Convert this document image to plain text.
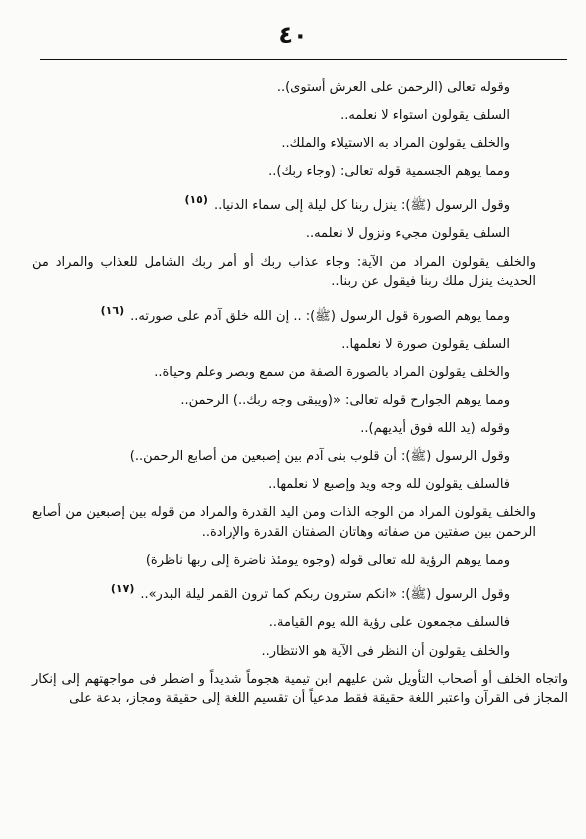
٤٠

وقوله تعالى (الرحمن على العرش أستوى)..

السلف يقولون استواء لا نعلمه..

والخلف يقولون المراد به الاستيلاء والملك..

ومما يوهم الجسمية قوله تعالى: (وجاء ربك)..

وقول الرسول (ﷺ): ينزل ربنا كل ليلة إلى سماء الدنيا..(١٥)

السلف يقولون مجيء ونزول لا نعلمه..

والخلف يقولون المراد من الآية: وجاء عذاب ربك أو أمر ربك الشامل للعذاب والمراد من الحديث ينزل ملك ربنا فيقول عن ربنا..

ومما يوهم الصورة قول الرسول (ﷺ): .. إن الله خلق آدم على صورته..(١٦)

السلف يقولون صورة لا نعلمها..

والخلف يقولون المراد بالصورة الصفة من سمع وبصر وعلم وحياة..

ومما يوهم الجوارح قوله تعالى: «(ويبقى وجه ربك..) الرحمن..

وقوله (يد الله فوق أيديهم)..

وقول الرسول (ﷺ): أن قلوب بنى آدم بين إصبعين من أصابع الرحمن..)

فالسلف يقولون لله وجه ويد وإصبع لا نعلمها..

والخلف يقولون المراد من الوجه الذات ومن اليد القدرة والمراد من قوله بين إصبعين من أصابع الرحمن بين صفتين من صفاته وهاتان الصفتان القدرة والإرادة..

ومما يوهم الرؤية لله تعالى قوله (وجوه يومئذ ناضرة إلى ربها ناظرة)

وقول الرسول (ﷺ): «انكم سترون ربكم كما ترون القمر ليلة البدر»..(١٧)

فالسلف مجمعون على رؤية الله يوم القيامة..

والخلف يقولون أن النظر فى الآية هو الانتظار..

واتجاه الخلف أو أصحاب التأويل شن عليهم ابن تيمية هجوماً شديداً و اضطر فى مواجهتهم إلى إنكار المجاز فى القرآن واعتبر اللغة حقيقة فقط مدعياً أن تقسيم اللغة إلى حقيقة ومجاز، بدعة على
